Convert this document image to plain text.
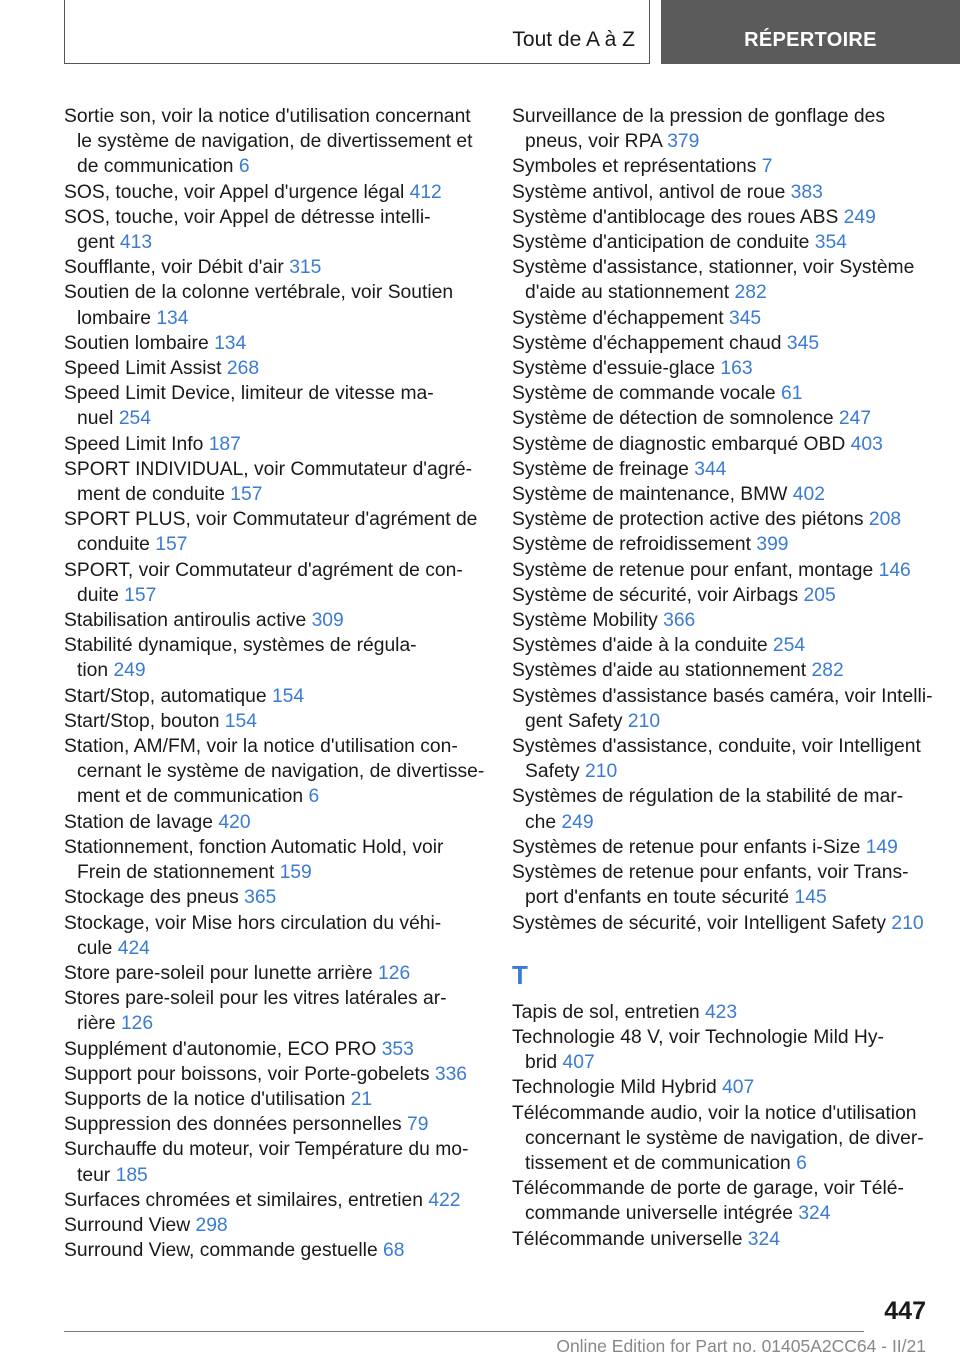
Tout de A à Z	RÉPERTOIRE
Sortie son, voir la notice d'utilisation concernant
le système de navigation, de divertissement et
de communication 6
SOS, touche, voir Appel d'urgence légal 412
SOS, touche, voir Appel de détresse intelli-
gent 413
Soufflante, voir Débit d'air 315
Soutien de la colonne vertébrale, voir Soutien
lombaire 134
Soutien lombaire 134
Speed Limit Assist 268
Speed Limit Device, limiteur de vitesse ma-
nuel 254
Speed Limit Info 187
SPORT INDIVIDUAL, voir Commutateur d'agré-
ment de conduite 157
SPORT PLUS, voir Commutateur d'agrément de
conduite 157
SPORT, voir Commutateur d'agrément de con-
duite 157
Stabilisation antiroulis active 309
Stabilité dynamique, systèmes de régula-
tion 249
Start/Stop, automatique 154
Start/Stop, bouton 154
Station, AM/FM, voir la notice d'utilisation con-
cernant le système de navigation, de divertisse-
ment et de communication 6
Station de lavage 420
Stationnement, fonction Automatic Hold, voir
Frein de stationnement 159
Stockage des pneus 365
Stockage, voir Mise hors circulation du véhi-
cule 424
Store pare-soleil pour lunette arrière 126
Stores pare-soleil pour les vitres latérales ar-
rière 126
Supplément d'autonomie, ECO PRO 353
Support pour boissons, voir Porte-gobelets 336
Supports de la notice d'utilisation 21
Suppression des données personnelles 79
Surchauffe du moteur, voir Température du mo-
teur 185
Surfaces chromées et similaires, entretien 422
Surround View 298
Surround View, commande gestuelle 68
Surveillance de la pression de gonflage des
pneus, voir RPA 379
Symboles et représentations 7
Système antivol, antivol de roue 383
Système d'antiblocage des roues ABS 249
Système d'anticipation de conduite 354
Système d'assistance, stationner, voir Système
d'aide au stationnement 282
Système d'échappement 345
Système d'échappement chaud 345
Système d'essuie-glace 163
Système de commande vocale 61
Système de détection de somnolence 247
Système de diagnostic embarqué OBD 403
Système de freinage 344
Système de maintenance, BMW 402
Système de protection active des piétons 208
Système de refroidissement 399
Système de retenue pour enfant, montage 146
Système de sécurité, voir Airbags 205
Système Mobility 366
Systèmes d'aide à la conduite 254
Systèmes d'aide au stationnement 282
Systèmes d'assistance basés caméra, voir Intelli-
gent Safety 210
Systèmes d'assistance, conduite, voir Intelligent
Safety 210
Systèmes de régulation de la stabilité de mar-
che 249
Systèmes de retenue pour enfants i-Size 149
Systèmes de retenue pour enfants, voir Trans-
port d'enfants en toute sécurité 145
Systèmes de sécurité, voir Intelligent Safety 210
T
Tapis de sol, entretien 423
Technologie 48 V, voir Technologie Mild Hy-
brid 407
Technologie Mild Hybrid 407
Télécommande audio, voir la notice d'utilisation
concernant le système de navigation, de diver-
tissement et de communication 6
Télécommande de porte de garage, voir Télé-
commande universelle intégrée 324
Télécommande universelle 324
447
Online Edition for Part no. 01405A2CC64 - II/21
